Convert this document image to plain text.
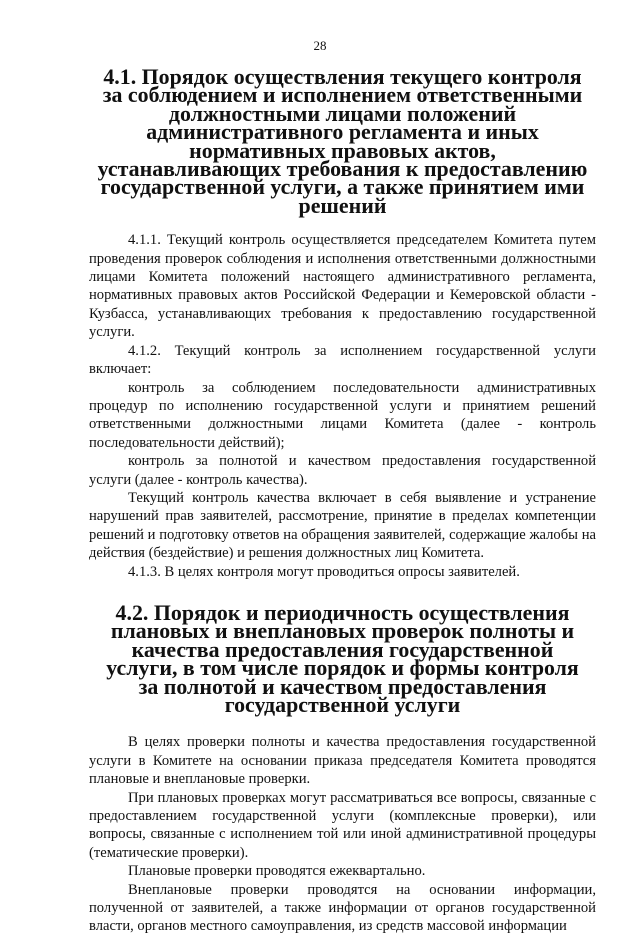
28
4.1. Порядок осуществления текущего контроля за соблюдением и исполнением ответственными должностными лицами положений административного регламента и иных нормативных правовых актов, устанавливающих требования к предоставлению государственной услуги, а также принятием ими решений

4.1.1. Текущий контроль осуществляется председателем Комитета путем проведения проверок соблюдения и исполнения ответственными должностными лицами Комитета положений настоящего административного регламента, нормативных правовых актов Российской Федерации и Кемеровской области - Кузбасса, устанавливающих требования к предоставлению государственной услуги.

4.1.2. Текущий контроль за исполнением государственной услуги включает:

контроль за соблюдением последовательности административных процедур по исполнению государственной услуги и принятием решений ответственными должностными лицами Комитета (далее - контроль последовательности действий);

контроль за полнотой и качеством предоставления государственной услуги (далее - контроль качества).

Текущий контроль качества включает в себя выявление и устранение нарушений прав заявителей, рассмотрение, принятие в пределах компетенции решений и подготовку ответов на обращения заявителей, содержащие жалобы на действия (бездействие) и решения должностных лиц Комитета.

4.1.3. В целях контроля могут проводиться опросы заявителей.

4.2. Порядок и периодичность осуществления плановых и внеплановых проверок полноты и качества предоставления государственной услуги, в том числе порядок и формы контроля за полнотой и качеством предоставления государственной услуги

В целях проверки полноты и качества предоставления государственной услуги в Комитете на основании приказа председателя Комитета проводятся плановые и внеплановые проверки.

При плановых проверках могут рассматриваться все вопросы, связанные с предоставлением государственной услуги (комплексные проверки), или вопросы, связанные с исполнением той или иной административной процедуры (тематические проверки).

Плановые проверки проводятся ежеквартально.

Внеплановые проверки проводятся на основании информации, полученной от заявителей, а также информации от органов государственной власти, органов местного самоуправления, из средств массовой информации
